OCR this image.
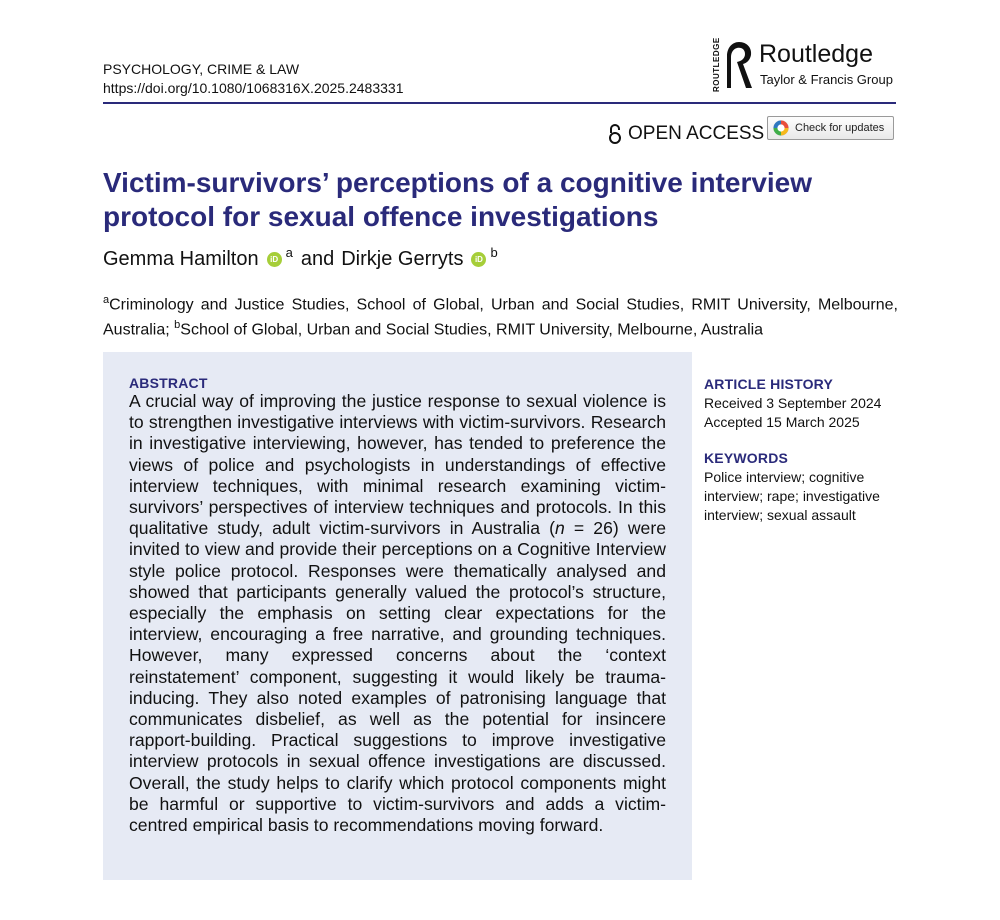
PSYCHOLOGY, CRIME & LAW
https://doi.org/10.1080/1068316X.2025.2483331	ROUTLEDGE Routledge
Taylor & Francis Group
OPEN ACCESS	Check for updates
Victim-survivors’ perceptions of a cognitive interview protocol for sexual offence investigations
Gemma Hamilton	iD a and Dirkje Gerryts	iD b
$^a$Criminology and Justice Studies, School of Global, Urban and Social Studies, RMIT University, Melbourne, Australia; $^b$School of Global, Urban and Social Studies, RMIT University, Melbourne, Australia
ABSTRACT
A crucial way of improving the justice response to sexual violence is to strengthen investigative interviews with victim-survivors. Research in investigative interviewing, however, has tended to preference the views of police and psychologists in understandings of effective interview techniques, with minimal research examining victim-survivors’ perspectives of interview techniques and protocols. In this qualitative study, adult victim-survivors in Australia (n = 26) were invited to view and provide their perceptions on a Cognitive Interview style police protocol. Responses were thematically analysed and showed that participants generally valued the protocol’s structure, especially the emphasis on setting clear expectations for the interview, encouraging a free narrative, and grounding techniques. However, many expressed concerns about the ‘context reinstatement’ component, suggesting it would likely be trauma-inducing. They also noted examples of patronising language that communicates disbelief, as well as the potential for insincere rapport-building. Practical suggestions to improve investigative interview protocols in sexual offence investigations are discussed. Overall, the study helps to clarify which protocol components might be harmful or supportive to victim-survivors and adds a victim-centred empirical basis to recommendations moving forward.
ARTICLE HISTORY
Received 3 September 2024
Accepted 15 March 2025
KEYWORDS
Police interview; cognitive interview; rape; investigative interview; sexual assault
